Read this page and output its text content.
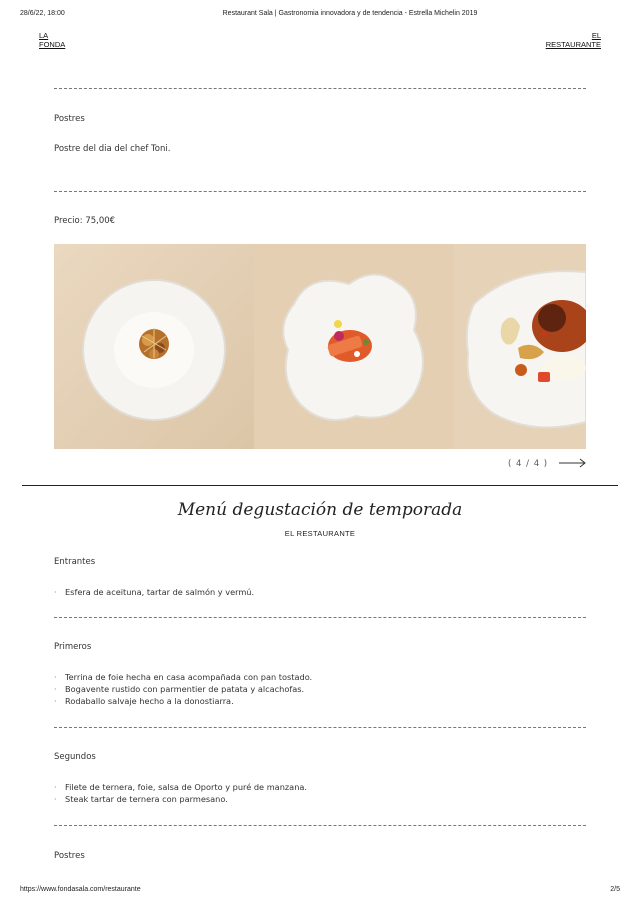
28/6/22, 18:00	Restaurant Sala | Gastronomia innovadora y de tendencia - Estrella Michelin 2019
LA
FONDA
EL
RESTAURANTE
Postres
Postre del dia del chef Toni.
Precio: 75,00€
( 4 / 4 )
Menú degustación de temporada
EL RESTAURANTE
Entrantes
· Esfera de aceituna, tartar de salmón y vermú.
Primeros
· Terrina de foie hecha en casa acompañada con pan tostado.
· Bogavente rustido con parmentier de patata y alcachofas.
· Rodaballo salvaje hecho a la donostiarra.
Segundos
· Filete de ternera, foie, salsa de Oporto y puré de manzana.
· Steak tartar de ternera con parmesano.
Postres
https://www.fondasala.com/restaurante	2/5
